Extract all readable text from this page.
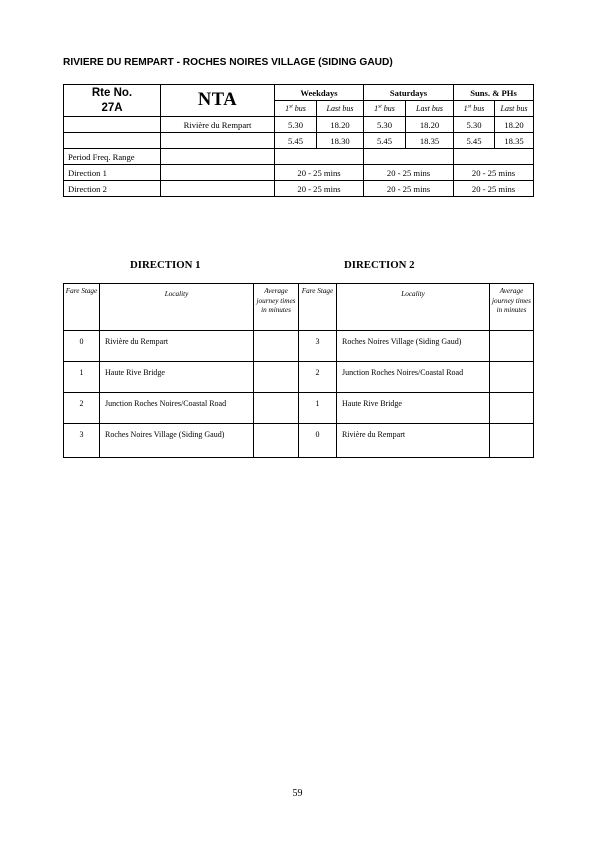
RIVIERE DU REMPART - ROCHES NOIRES VILLAGE (SIDING GAUD)
Rte No.
27A	NTA	Weekdays		Saturdays		Suns. & PHs	
		1st bus	Last bus	1st bus	Last bus	1st bus	Last bus
	Rivière du Rempart	5.30	18.20	5.30	18.20	5.30	18.20
		5.45	18.30	5.45	18.35	5.45	18.35
Period Freq. Range							
Direction 1		20 - 25 mins		20 - 25 mins		20 - 25 mins	
Direction 2		20 - 25 mins		20 - 25 mins		20 - 25 mins	
DIRECTION 1	DIRECTION 2
Fare Stage	Locality	Average journey times in minutes	Fare Stage	Locality	Average journey times in minutes
0	Rivière du Rempart		3	Roches Noires Village (Siding Gaud)	
1	Haute Rive Bridge		2	Junction Roches Noires/Coastal Road	
2	Junction Roches Noires/Coastal Road		1	Haute Rive Bridge	
3	Roches Noires Village (Siding Gaud)		0	Rivière du Rempart	
59
